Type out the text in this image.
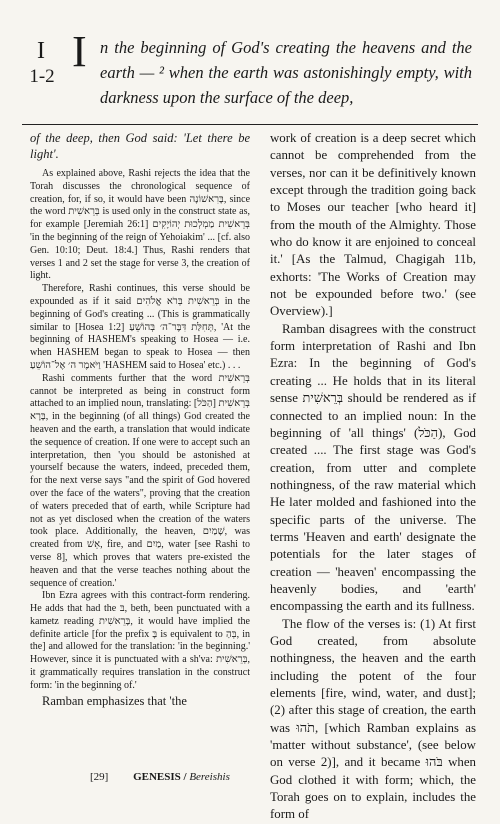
I
1-2
I n the beginning of God's creating the heavens and the earth — ² when the earth was astonishingly empty, with darkness upon the surface of the deep,

of the deep, then God said: 'Let there be light'.

As explained above, Rashi rejects the idea that the Torah discusses the chronological sequence of creation, for, if so, it would have been בָּרִאשׁוֹנָה, since the word בְּרֵאשִׁית is used only in the construct state as, for example [Jeremiah 26:1] בְּרֵאשִׁית מַמְלְכוּת יְהוֹיָקִים 'in the beginning of the reign of Yehoiakim' ... [cf. also Gen. 10:10; Deut. 18:4.] Thus, Rashi renders that verses 1 and 2 set the stage for verse 3, the creation of light.

Therefore, Rashi continues, this verse should be expounded as if it said בְּרֵאשִׁית בְּרֹא אֱלֹהִים in the beginning of God's creating ... (This is grammatically similar to [Hosea 1:2] תְּחִלַּת דִּבֶּר־ה׳ בְּהוֹשֵׁעַ, 'At the beginning of HASHEM's speaking to Hosea — i.e. when HASHEM began to speak to Hosea — then וַיֹּאמֶר ה׳ אֶל־הוֹשֵׁעַ 'HASHEM said to Hosea' etc.) . . .

Rashi comments further that the word בְּרֵאשִׁית cannot be interpreted as being in construct form attached to an implied noun, translating: בְּרֵאשִׁית [הַכֹּל] בָּרָא, in the beginning (of all things) God created the heaven and the earth, a translation that would indicate the sequence of creation. If one were to accept such an interpretation, then 'you should be astonished at yourself because the waters, indeed, preceded them, for the next verse says "and the spirit of God hovered over the face of the waters", proving that the creation of waters preceded that of earth, while Scripture had not as yet disclosed when the creation of the waters took place. Additionally, the heaven, שָׁמַיִם, was created from אֵשׁ, fire, and מַיִם, water [see Rashi to verse 8], which proves that waters pre-existed the heaven and that the verse teaches nothing about the sequence of creation.'

Ibn Ezra agrees with this contract-form rendering. He adds that had the בּ, beth, been punctuated with a kametz reading בָּרֵאשִׁית, it would have implied the definite article [for the prefix בָּ is equivalent to בְּהַ, in the] and allowed for the translation: 'in the beginning.' However, since it is punctuated with a sh'va: בְּרֵאשִׁית, it grammatically requires translation in the construct form: 'in the beginning of.'

Ramban emphasizes that 'the

work of creation is a deep secret which cannot be comprehended from the verses, nor can it be definitively known except through the tradition going back to Moses our teacher [who heard it] from the mouth of the Almighty. Those who do know it are enjoined to conceal it.' [As the Talmud, Chagigah 11b, exhorts: 'The Works of Creation may not be expounded before two.' (see Overview).]

Ramban disagrees with the construct form interpretation of Rashi and Ibn Ezra: In the beginning of God's creating ... He holds that in its literal sense בְּרֵאשִׁית should be rendered as if connected to an implied noun: In the beginning of 'all things' (הַכֹּל), God created .... The first stage was God's creation, from utter and complete nothingness, of the raw material which He later molded and fashioned into the specific parts of the universe. The terms 'Heaven and earth' designate the potentials for the later stages of creation — 'heaven' encompassing the heavenly bodies, and 'earth' encompassing the earth and its fullness.

The flow of the verses is: (1) At first God created, from absolute nothingness, the heaven and the earth including the potent of the four elements [fire, wind, water, and dust]; (2) after this stage of creation, the earth was תֹהוּ, [which Ramban explains as 'matter without substance', (see below on verse 2)], and it became בֹּהוּ when God clothed it with form; which, the Torah goes on to explain, includes the form of

[29] GENESIS / Bereishis
